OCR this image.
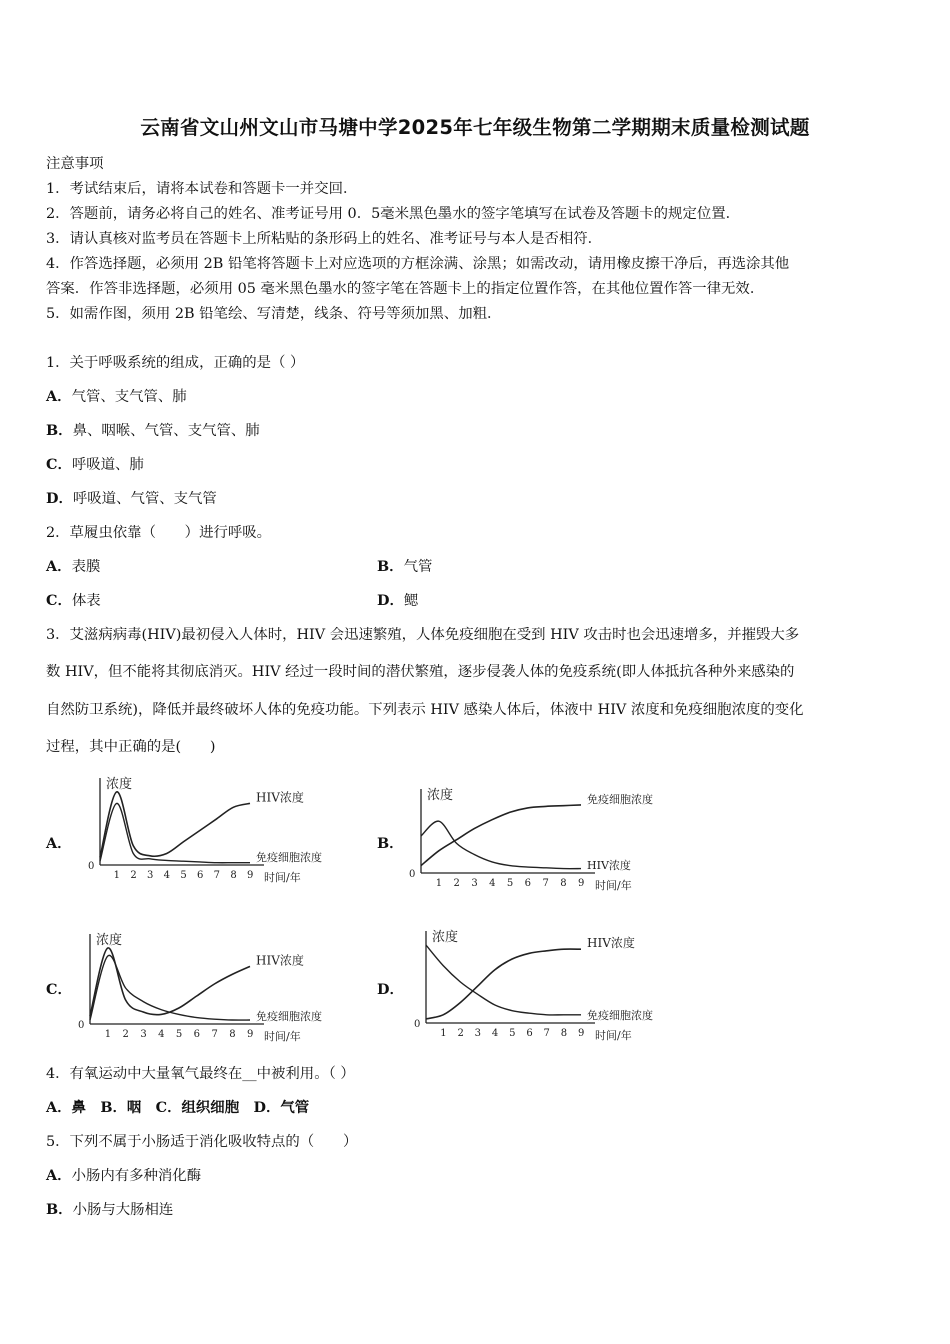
云南省文山州文山市马塘中学2025年七年级生物第二学期期末质量检测试题
注意事项
1．考试结束后，请将本试卷和答题卡一并交回．
2．答题前，请务必将自己的姓名、准考证号用 0．5毫米黑色墨水的签字笔填写在试卷及答题卡的规定位置．
3．请认真核对监考员在答题卡上所粘贴的条形码上的姓名、准考证号与本人是否相符．
4．作答选择题，必须用 2B 铅笔将答题卡上对应选项的方框涂满、涂黑；如需改动，请用橡皮擦干净后，再选涂其他
答案．作答非选择题，必须用 05 毫米黑色墨水的签字笔在答题卡上的指定位置作答，在其他位置作答一律无效．
5．如需作图，须用 2B 铅笔绘、写清楚，线条、符号等须加黑、加粗．
1．关于呼吸系统的组成，正确的是（ ）
A．气管、支气管、肺
B．鼻、咽喉、气管、支气管、肺
C．呼吸道、肺
D．呼吸道、气管、支气管
2．草履虫依靠（　　）进行呼吸。
A．表膜	B．气管
C．体表	D．鳃
3．艾滋病病毒(HIV)最初侵入人体时，HIV 会迅速繁殖，人体免疫细胞在受到 HIV 攻击时也会迅速增多，并摧毁大多
数 HIV，但不能将其彻底消灭。HIV 经过一段时间的潜伏繁殖，逐步侵袭人体的免疫系统(即人体抵抗各种外来感染的
自然防卫系统)，降低并最终破坏人体的免疫功能。下列表示 HIV 感染人体后，体液中 HIV 浓度和免疫细胞浓度的变化
过程，其中正确的是(　　)
A．	B．
C．	D．
浓度
0
1 2 3 4 5 6 7 8 9 时间/年
HIV浓度
免疫细胞浓度
浓度
0
1 2 3 4 5 6 7 8 9 时间/年
免疫细胞浓度
HIV浓度
浓度
0
1 2 3 4 5 6 7 8 9 时间/年
HIV浓度
免疫细胞浓度
浓度
0
1 2 3 4 5 6 7 8 9 时间/年
HIV浓度
免疫细胞浓度
4．有氧运动中大量氧气最终在__中被利用。（ ）
A．鼻　B．咽　C．组织细胞　D．气管
5．下列不属于小肠适于消化吸收特点的（　　）
A．小肠内有多种消化酶
B．小肠与大肠相连
